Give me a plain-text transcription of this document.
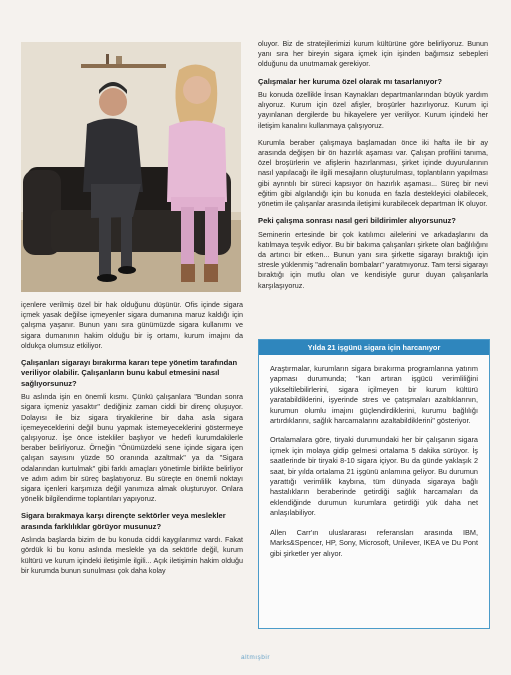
içenlere verilmiş özel bir hak olduğunu düşünür. Ofis içinde sigara içmek yasak değilse içmeyenler sigara dumanına maruz kaldığı için çalışma yaşanır. Bunun yanı sıra günümüzde sigara kullanımı ve sigara dumanının hakim olduğu bir iş ortamı, kurum imajını da oldukça olumsuz etkiliyor.

Çalışanları sigarayı bırakırma kararı tepe yönetim tarafından veriliyor olabilir. Çalışanların bunu kabul etmesini nasıl sağlıyorsunuz?

Bu aslında işin en önemli kısmı. Çünkü çalışanlara "Bundan sonra sigara içmeniz yasaktır" dediğiniz zaman ciddi bir direnç oluşuyor. Dolayısı ile biz sigara tiryakilerine bir daha asla sigara içemeyeceklerini değil bunu yapmak istemeyeceklerini göstermeye çalışıyoruz. İşe önce istekliler başlıyor ve hedefi kurumdakilerle beraber belirliyoruz. Örneğin "Önümüzdeki sene içinde sigara içen çalışan sayısını yüzde 50 oranında azaltmak" ya da "Sigara odalarından kurtulmak" gibi farklı amaçları yönetimle birlikte belirliyor ve adım adım bir süreç başlatıyoruz. Bu süreçte en önemli noktayı sigara içenleri karşımıza değil yanımıza almak oluşturuyor. Onlara yönelik bilgilendirme toplantıları yapıyoruz.

Sigara bırakmaya karşı dirençte sektörler veya meslekler arasında farklılıklar görüyor musunuz?

Aslında başlarda bizim de bu konuda ciddi kaygılarımız vardı. Fakat gördük ki bu konu aslında meslekle ya da sektörle değil, kurum kültürü ve kurum içindeki iletişimle ilgili... Açık iletişimin hakim olduğu bir kurumda bunun sunulması çok daha kolay

oluyor. Biz de stratejilerimizi kurum kültürüne göre belirliyoruz. Bunun yanı sıra her bireyin sigara içmek için işinden bağımsız sebepleri olduğunu da unutmamak gerekiyor.

Çalışmalar her kuruma özel olarak mı tasarlanıyor?

Bu konuda özellikle İnsan Kaynakları departmanlarından büyük yardım alıyoruz. Kurum için özel afişler, broşürler hazırlıyoruz. Kurum içi yayınlanan dergilerde bu hikayelere yer veriliyor. Kurum içindeki her iletişim kanalını kullanmaya çalışıyoruz.

Kurumla beraber çalışmaya başlamadan önce iki hafta ile bir ay arasında değişen bir ön hazırlık aşaması var. Çalışan profilini tanıma, özel broşürlerin ve afişlerin hazırlanması, şirket içinde duyurularının nasıl yapılacağı ile ilgili mesajların oluşturulması, toplantıların yapılması gibi ayrıntılı bir süreci kapsıyor ön hazırlık aşaması... Süreç bir nevi eğitim gibi algılandığı için bu konuda en fazla destekleyici olabilecek, yönetim ile çalışanlar arasında iletişimi kurabilecek departman İK oluyor.

Peki çalışma sonrası nasıl geri bildirimler alıyorsunuz?

Seminerin ertesinde bir çok katılımcı ailelerini ve arkadaşlarını da katılmaya teşvik ediyor. Bu bir bakıma çalışanları şirkete olan bağlılığını da artırıcı bir etken... Bunun yanı sıra şirkette sigarayı bıraktığı için stresle yüklenmiş "adrenalin bombaları" yaratmıyoruz. Tam tersi sigarayı bıraktığı için mutlu olan ve kendisiyle gurur duyan çalışanlarla karşılaşıyoruz.

Yılda 21 işgünü sigara için harcanıyor

Araştırmalar, kurumların sigara bırakırma programlarına yatırım yapması durumunda; "karı artıran işgücü verimliliğini yükseltilebilirlerini, sigara içilmeyen bir kurum kültürü yaratabildiklerini, işyerinde stres ve çatışmaları azaltıklarının, kurumun olumlu imajını güçlendirdiklerini, kurumu bağlılığı artırdıklarını, sağlık harcamalarını azaltabildiklerini" gösteriyor.

Ortalamalara göre, tiryaki durumundaki her bir çalışanın sigara içmek için molaya gidip gelmesi ortalama 5 dakika sürüyor. İş saatlerinde bir tiryaki 8-10 sigara içiyor. Bu da günde yaklaşık 2 saat, bir yılda ortalama 21 işgünü anlamına geliyor. Bu durumun yarattığı verimlilik kaybına, tüm dünyada sigaraya bağlı hastalıkların beraberinde getirdiği sağlık harcamaları da eklendiğinde durumun kurumlara getirdiği yük daha net anlaşılabiliyor.

Allen Carr'ın uluslararası referansları arasında IBM, Marks&Spencer, HP, Sony, Microsoft, Unilever, IKEA ve Du Pont gibi şirketler yer alıyor.

altmışbir
